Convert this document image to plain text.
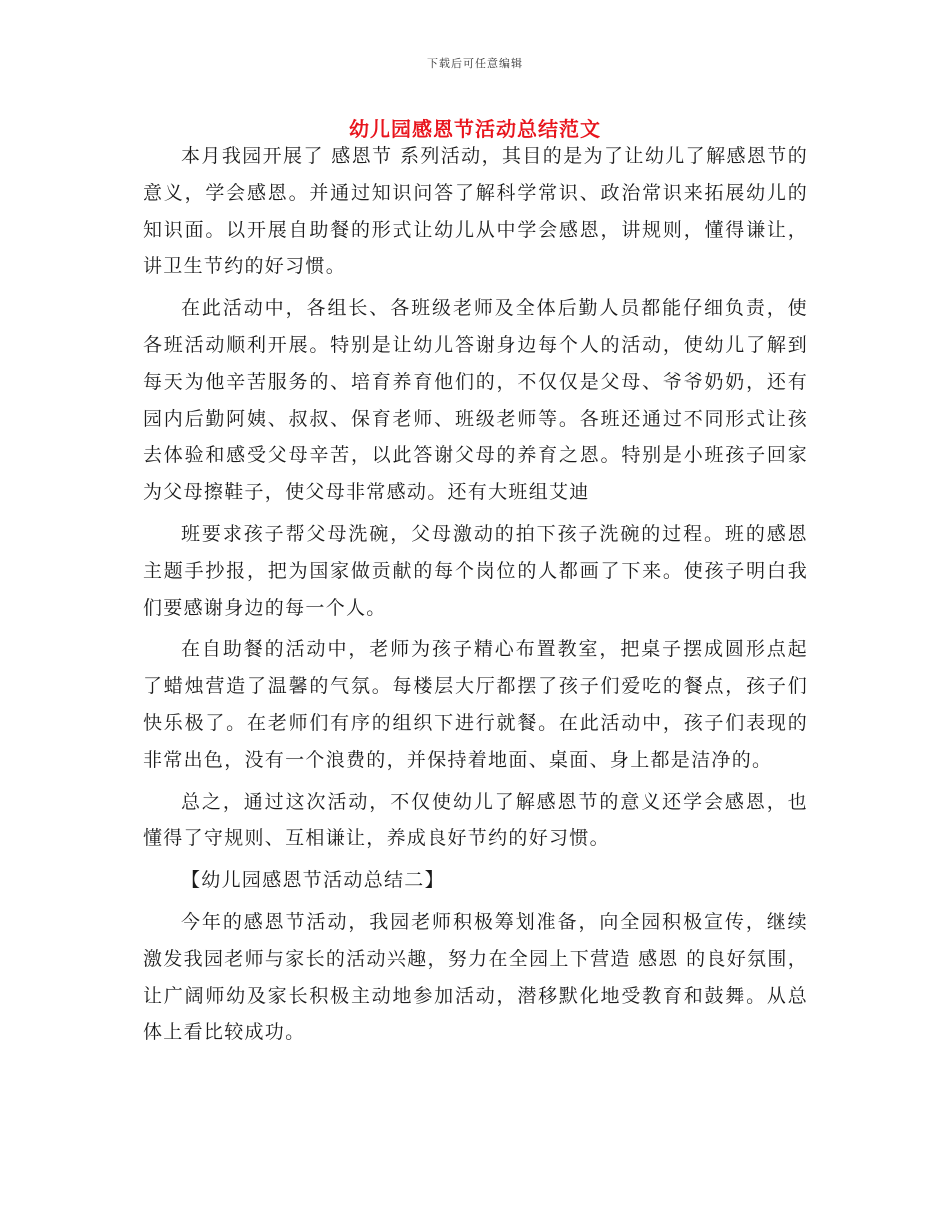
下载后可任意编辑
幼儿园感恩节活动总结范文

本月我园开展了 感恩节 系列活动，其目的是为了让幼儿了解感恩节的意义，学会感恩。并通过知识问答了解科学常识、政治常识来拓展幼儿的知识面。以开展自助餐的形式让幼儿从中学会感恩，讲规则，懂得谦让，讲卫生节约的好习惯。

在此活动中，各组长、各班级老师及全体后勤人员都能仔细负责，使各班活动顺利开展。特别是让幼儿答谢身边每个人的活动，使幼儿了解到每天为他辛苦服务的、培育养育他们的，不仅仅是父母、爷爷奶奶，还有园内后勤阿姨、叔叔、保育老师、班级老师等。各班还通过不同形式让孩去体验和感受父母辛苦，以此答谢父母的养育之恩。特别是小班孩子回家为父母擦鞋子，使父母非常感动。还有大班组艾迪

班要求孩子帮父母洗碗，父母激动的拍下孩子洗碗的过程。班的感恩主题手抄报，把为国家做贡献的每个岗位的人都画了下来。使孩子明白我们要感谢身边的每一个人。

在自助餐的活动中，老师为孩子精心布置教室，把桌子摆成圆形点起了蜡烛营造了温馨的气氛。每楼层大厅都摆了孩子们爱吃的餐点，孩子们快乐极了。在老师们有序的组织下进行就餐。在此活动中，孩子们表现的非常出色，没有一个浪费的，并保持着地面、桌面、身上都是洁净的。

总之，通过这次活动，不仅使幼儿了解感恩节的意义还学会感恩，也懂得了守规则、互相谦让，养成良好节约的好习惯。

【幼儿园感恩节活动总结二】

今年的感恩节活动，我园老师积极筹划准备，向全园积极宣传，继续激发我园老师与家长的活动兴趣，努力在全园上下营造 感恩 的良好氛围，让广阔师幼及家长积极主动地参加活动，潜移默化地受教育和鼓舞。从总体上看比较成功。
